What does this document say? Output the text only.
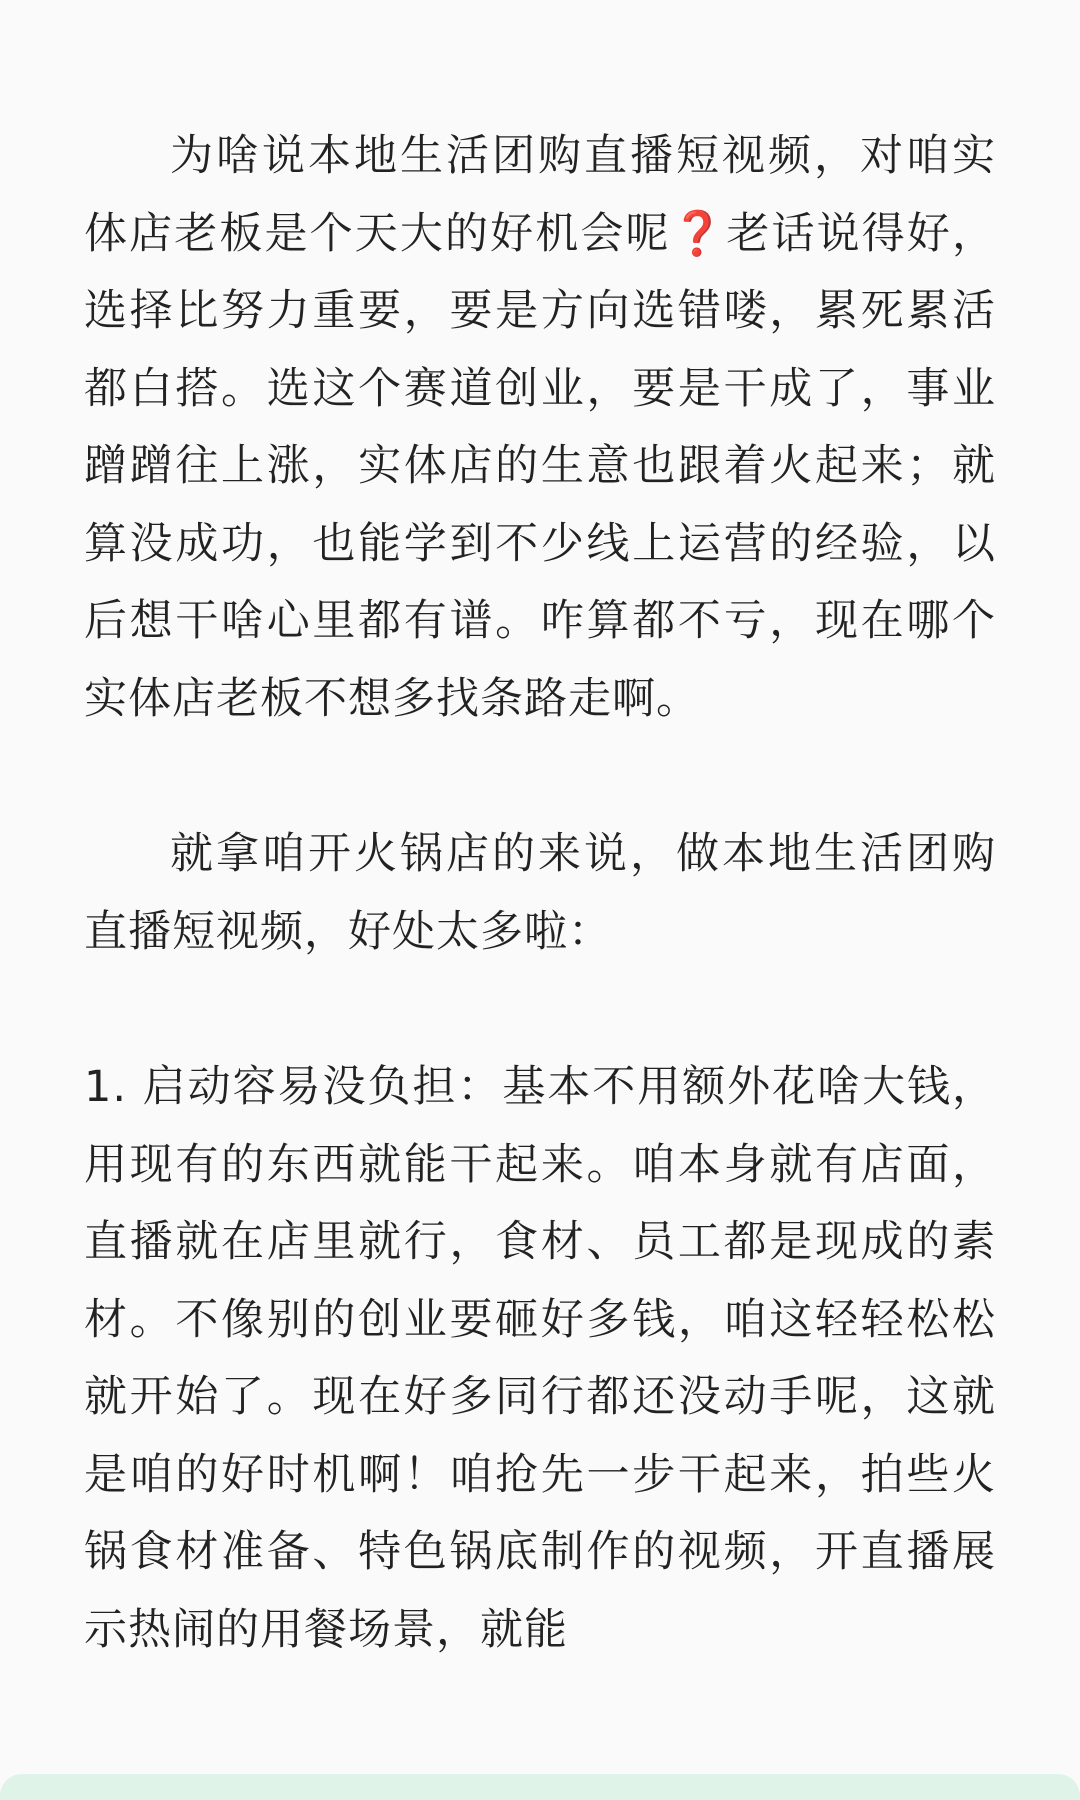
为啥说本地生活团购直播短视频，对咱实体店老板是个天大的好机会呢❓老话说得好，选择比努力重要，要是方向选错喽，累死累活都白搭。选这个赛道创业，要是干成了，事业蹭蹭往上涨，实体店的生意也跟着火起来；就算没成功，也能学到不少线上运营的经验，以后想干啥心里都有谱。咋算都不亏，现在哪个实体店老板不想多找条路走啊。

就拿咱开火锅店的来说，做本地生活团购直播短视频，好处太多啦：

1. 启动容易没负担：基本不用额外花啥大钱，用现有的东西就能干起来。咱本身就有店面，直播就在店里就行，食材、员工都是现成的素材。不像别的创业要砸好多钱，咱这轻轻松松就开始了。现在好多同行都还没动手呢，这就是咱的好时机啊！咱抢先一步干起来，拍些火锅食材准备、特色锅底制作的视频，开直播展示热闹的用餐场景，就能
